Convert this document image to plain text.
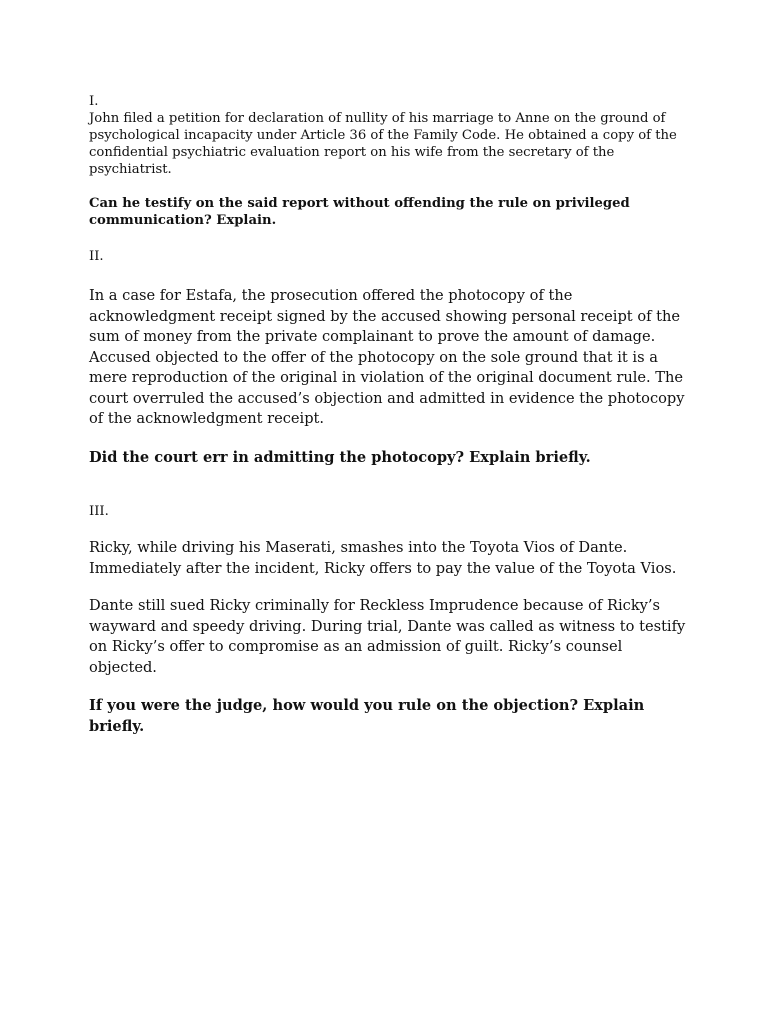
I.

John filed a petition for declaration of nullity of his marriage to Anne on the ground of psychological incapacity under Article 36 of the Family Code. He obtained a copy of the confidential psychiatric evaluation report on his wife from the secretary of the psychiatrist.

Can he testify on the said report without offending the rule on privileged communication? Explain.

II.

In a case for Estafa, the prosecution offered the photocopy of the acknowledgment receipt signed by the accused showing personal receipt of the sum of money from the private complainant to prove the amount of damage. Accused objected to the offer of the photocopy on the sole ground that it is a mere reproduction of the original in violation of the original document rule. The court overruled the accused’s objection and admitted in evidence the photocopy of the acknowledgment receipt.

Did the court err in admitting the photocopy? Explain briefly.

III.

Ricky, while driving his Maserati, smashes into the Toyota Vios of Dante. Immediately after the incident, Ricky offers to pay the value of the Toyota Vios.

Dante still sued Ricky criminally for Reckless Imprudence because of Ricky’s wayward and speedy driving. During trial, Dante was called as witness to testify on Ricky’s offer to compromise as an admission of guilt. Ricky’s counsel objected.

If you were the judge, how would you rule on the objection? Explain briefly.
